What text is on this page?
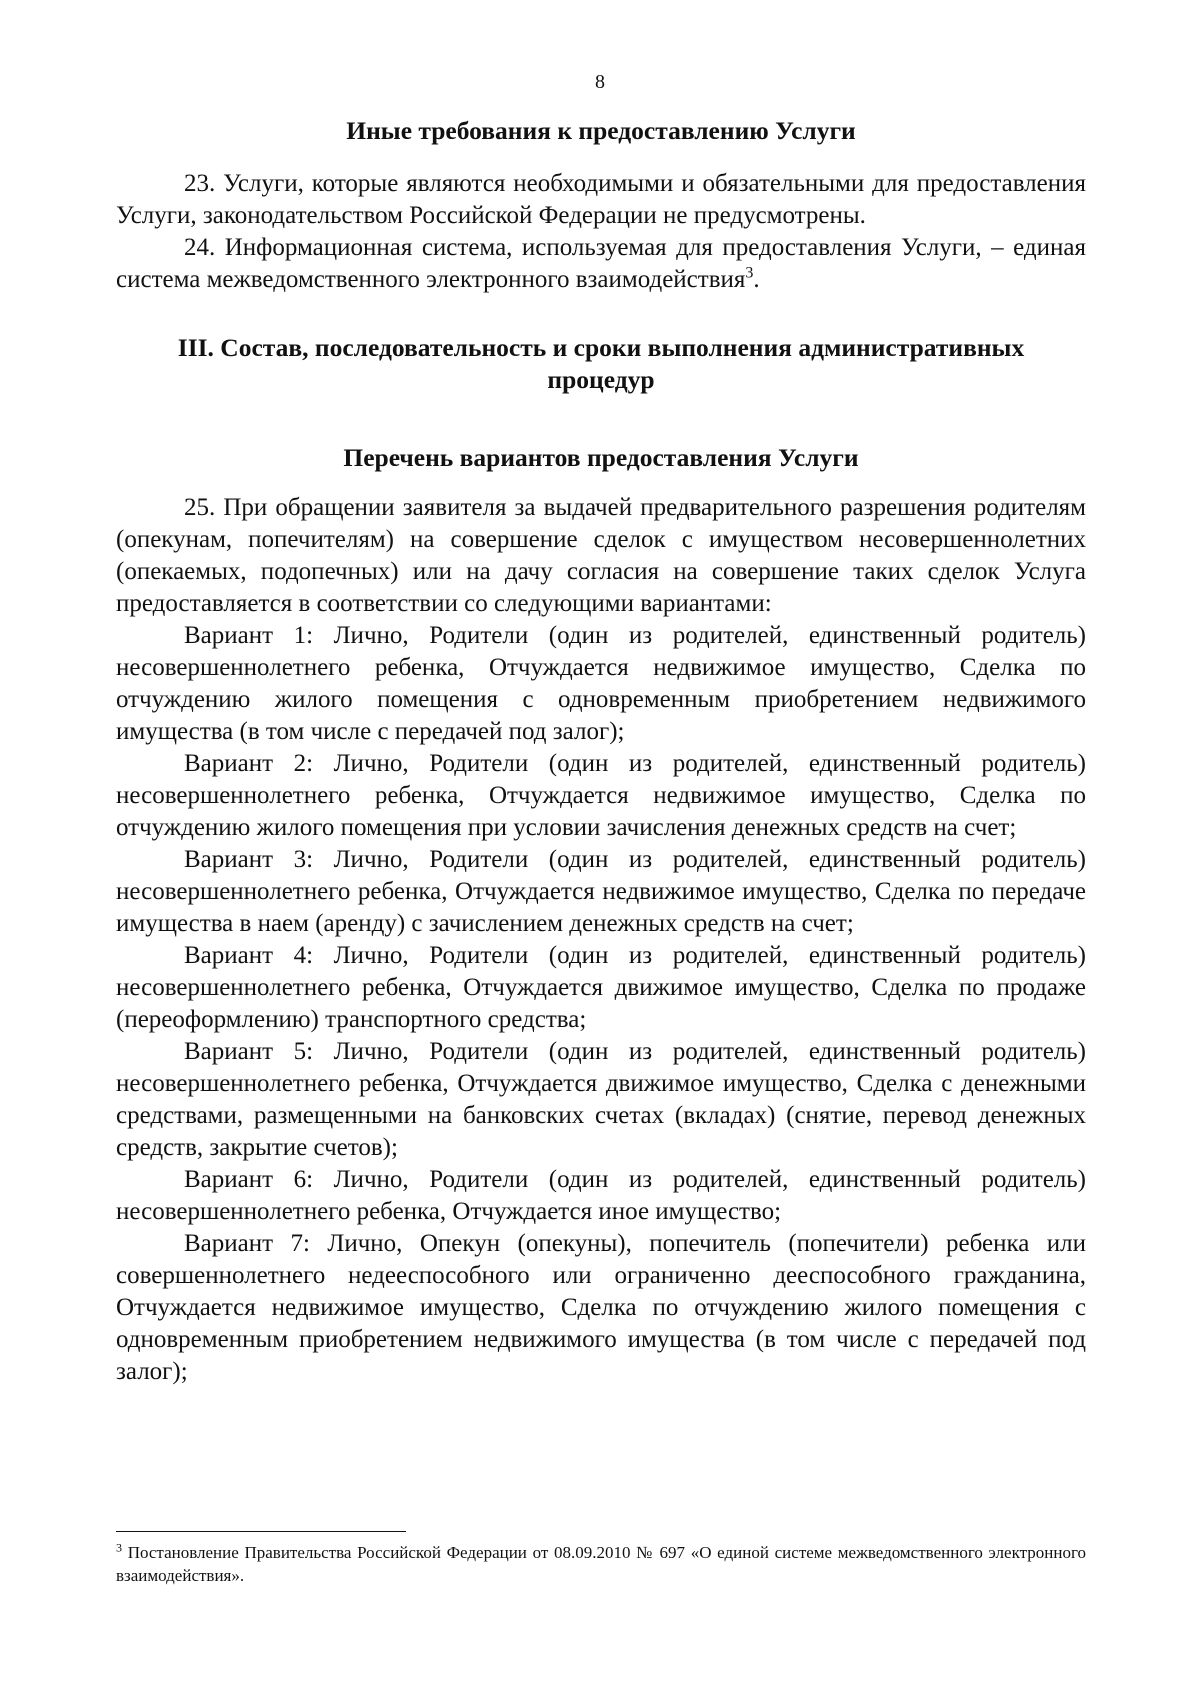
8

Иные требования к предоставлению Услуги

23. Услуги, которые являются необходимыми и обязательными для предоставления Услуги, законодательством Российской Федерации не предусмотрены.

24. Информационная система, используемая для предоставления Услуги, – единая система межведомственного электронного взаимодействия$^3$.

III. Состав, последовательность и сроки выполнения административных процедур

Перечень вариантов предоставления Услуги

25. При обращении заявителя за выдачей предварительного разрешения родителям (опекунам, попечителям) на совершение сделок с имуществом несовершеннолетних (опекаемых, подопечных) или на дачу согласия на совершение таких сделок Услуга предоставляется в соответствии со следующими вариантами:

Вариант 1: Лично, Родители (один из родителей, единственный родитель) несовершеннолетнего ребенка, Отчуждается недвижимое имущество, Сделка по отчуждению жилого помещения с одновременным приобретением недвижимого имущества (в том числе с передачей под залог);

Вариант 2: Лично, Родители (один из родителей, единственный родитель) несовершеннолетнего ребенка, Отчуждается недвижимое имущество, Сделка по отчуждению жилого помещения при условии зачисления денежных средств на счет;

Вариант 3: Лично, Родители (один из родителей, единственный родитель) несовершеннолетнего ребенка, Отчуждается недвижимое имущество, Сделка по передаче имущества в наем (аренду) с зачислением денежных средств на счет;

Вариант 4: Лично, Родители (один из родителей, единственный родитель) несовершеннолетнего ребенка, Отчуждается движимое имущество, Сделка по продаже (переоформлению) транспортного средства;

Вариант 5: Лично, Родители (один из родителей, единственный родитель) несовершеннолетнего ребенка, Отчуждается движимое имущество, Сделка с денежными средствами, размещенными на банковских счетах (вкладах) (снятие, перевод денежных средств, закрытие счетов);

Вариант 6: Лично, Родители (один из родителей, единственный родитель) несовершеннолетнего ребенка, Отчуждается иное имущество;

Вариант 7: Лично, Опекун (опекуны), попечитель (попечители) ребенка или совершеннолетнего недееспособного или ограниченно дееспособного гражданина, Отчуждается недвижимое имущество, Сделка по отчуждению жилого помещения с одновременным приобретением недвижимого имущества (в том числе с передачей под залог);

$^3$ Постановление Правительства Российской Федерации от 08.09.2010 № 697 «О единой системе межведомственного электронного взаимодействия».
